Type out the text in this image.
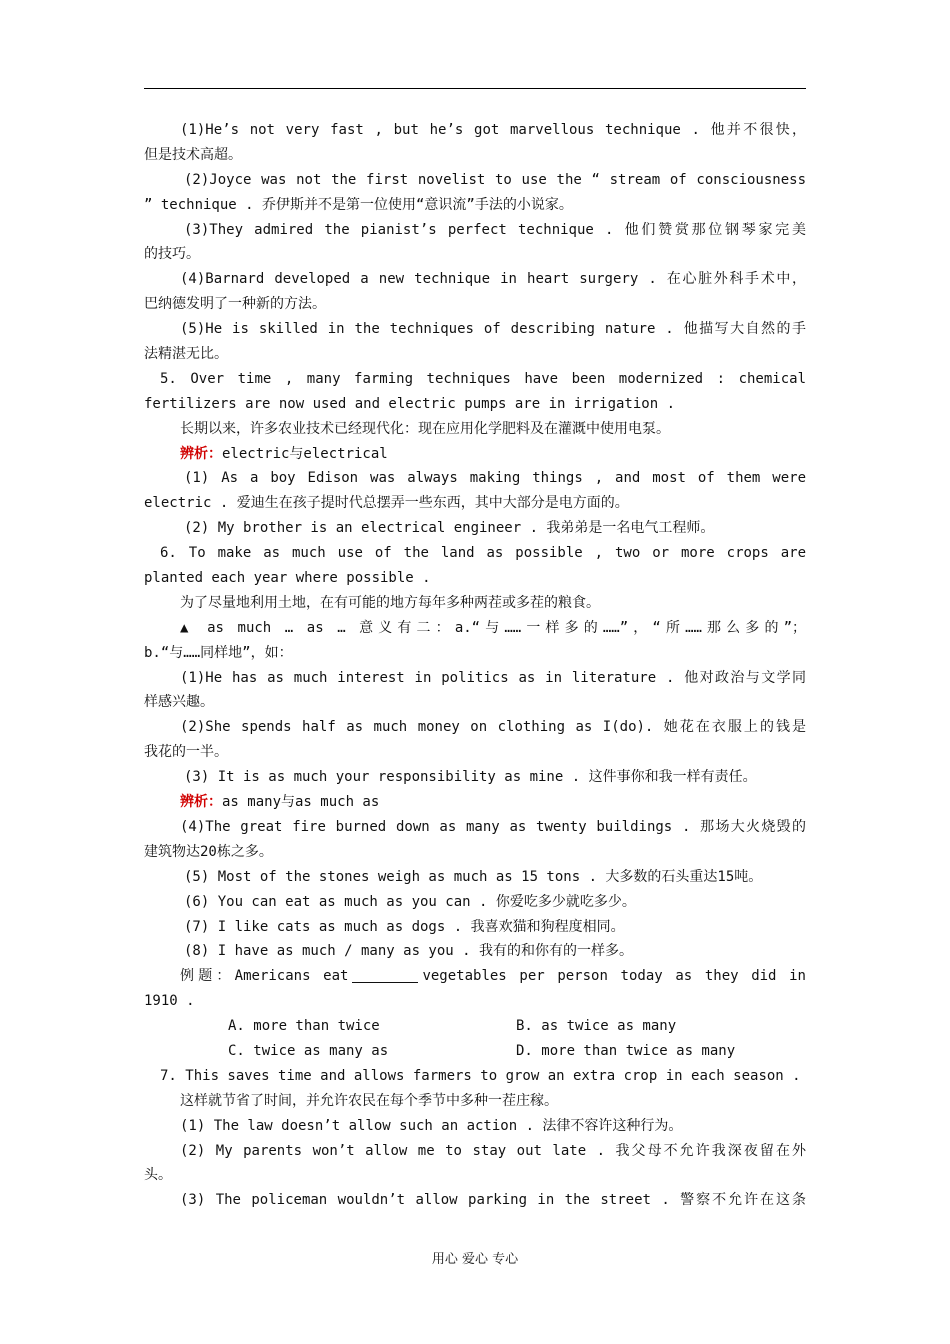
(1)He’s not very fast , but he’s got marvellous technique . 他并不很快，
但是技术高超。
(2)Joyce was not the first novelist to use the “ stream of consciousness
” technique . 乔伊斯并不是第一位使用“意识流”手法的小说家。
(3)They admired the pianist’s perfect technique . 他们赞赏那位钢琴家完美
的技巧。
(4)Barnard developed a new technique in heart surgery . 在心脏外科手术中，
巴纳德发明了一种新的方法。
(5)He is skilled in the techniques of describing nature . 他描写大自然的手
法精湛无比。
5. Over time , many farming techniques have been modernized : chemical
fertilizers are now used and electric pumps are in irrigation .
长期以来，许多农业技术已经现代化：现在应用化学肥料及在灌溉中使用电泵。
辨析：electric与electrical
(1) As a boy Edison was always making things , and most of them were
electric . 爱迪生在孩子提时代总摆弄一些东西，其中大部分是电方面的。
(2) My brother is an electrical engineer . 我弟弟是一名电气工程师。
6. To make as much use of the land as possible , two or more crops are
planted each year where possible .
为了尽量地利用土地，在有可能的地方每年多种两茬或多茬的粮食。
▲ as much … as … 意义有二：a.“与……一样多的……”，“所……那么多的”；
b.“与……同样地”，如：
(1)He has as much interest in politics as in literature . 他对政治与文学同
样感兴趣。
(2)She spends half as much money on clothing as I(do). 她花在衣服上的钱是
我花的一半。
(3) It is as much your responsibility as mine . 这件事你和我一样有责任。
辨析：as many与as much as
(4)The great fire burned down as many as twenty buildings . 那场大火烧毁的
建筑物达20栋之多。
(5) Most of the stones weigh as much as 15 tons . 大多数的石头重达15吨。
(6) You can eat as much as you can . 你爱吃多少就吃多少。
(7) I like cats as much as dogs . 我喜欢猫和狗程度相同。
(8) I have as much / many as you . 我有的和你有的一样多。
例题：Americans eat	vegetables per person today as they did in
1910 .
A. more than twice	B. as twice as many
C. twice as many as	D. more than twice as many
7. This saves time and allows farmers to grow an extra crop in each season .
这样就节省了时间，并允许农民在每个季节中多种一茬庄稼。
(1) The law doesn’t allow such an action . 法律不容许这种行为。
(2) My parents won’t allow me to stay out late . 我父母不允许我深夜留在外
头。
(3) The policeman wouldn’t allow parking in the street . 警察不允许在这条
用心 爱心 专心
